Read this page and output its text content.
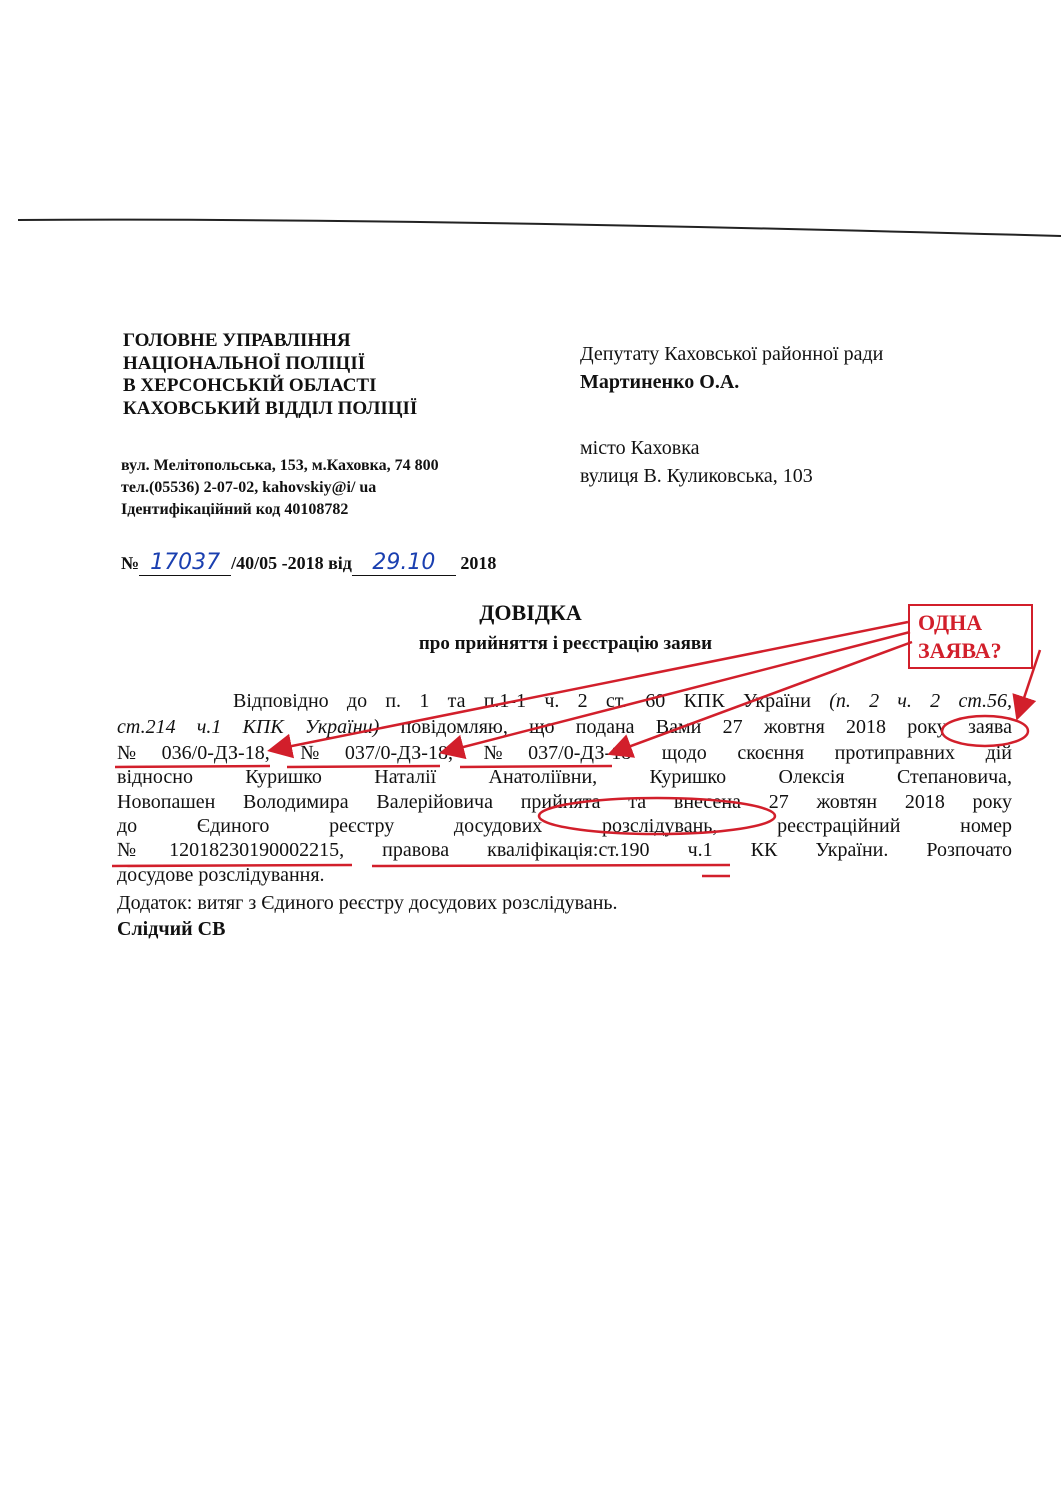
ГОЛОВНЕ УПРАВЛІННЯ
НАЦІОНАЛЬНОЇ ПОЛІЦІЇ
В ХЕРСОНСЬКІЙ ОБЛАСТІ
КАХОВСЬКИЙ ВІДДІЛ ПОЛІЦІЇ
вул. Мелітопольська, 153, м.Каховка, 74 800
тел.(05536) 2-07-02, kahovskiy@i/ ua
Ідентифікаційний код 40108782
Депутату Каховської районної ради
Мартиненко О.А.
місто Каховка
вулиця В. Куликовська, 103
№ 17037 /40/05 -2018 від 29.10 2018
ДОВІДКА
про прийняття і реєстрацію заяви
Відповідно до п. 1 та п.1-1 ч. 2 ст. 60 КПК України (п. 2 ч. 2 ст.56,
ст.214 ч.1 КПК України) повідомляю, що подана Вами 27 жовтня 2018 року заява
№036/0-ДЗ-18, №037/0-ДЗ-18, №037/0-ДЗ-18 щодо скоєння протиправних дій
відносно Куришко Наталії Анатоліївни, Куришко Олексія Степановича,
Новопашен Володимира Валерійовича прийнята та внесена 27 жовтян 2018 року
до Єдиного реєстру досудових розслідувань, реєстраційний номер
№12018230190002215, правова кваліфікація:ст.190 ч.1 КК України. Розпочато
досудове розслідування.
Додаток: витяг з Єдиного реєстру досудових розслідувань.
Слідчий СВ
ОДНА
ЗАЯВА?
